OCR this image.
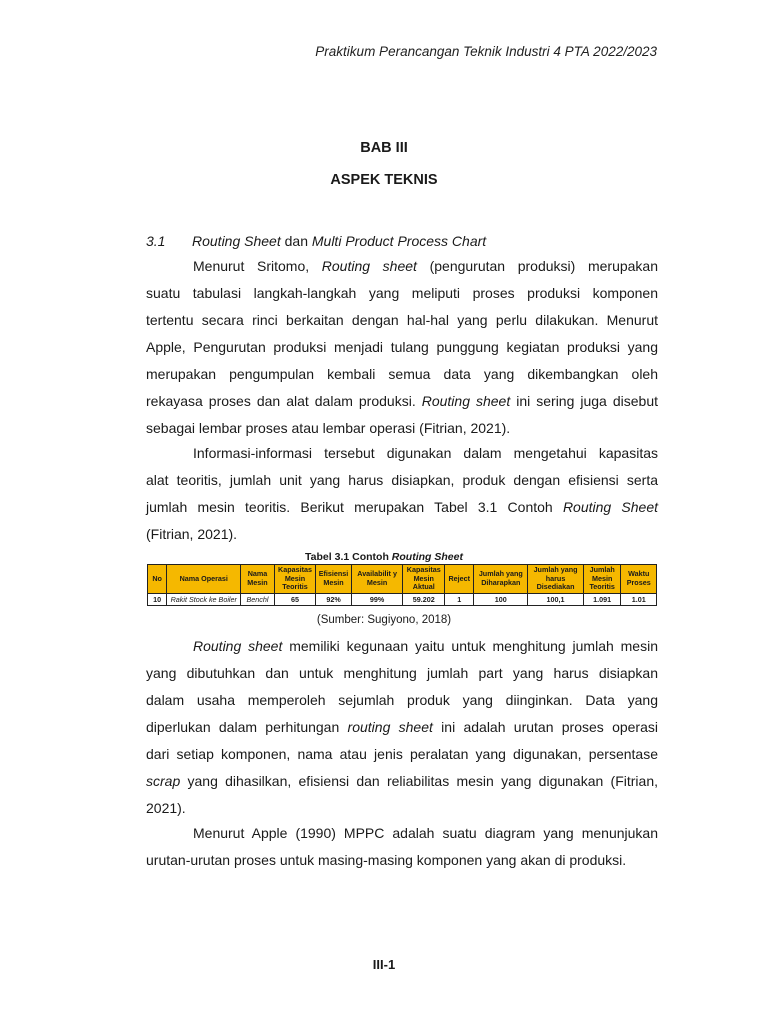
Praktikum Perancangan Teknik Industri 4 PTA 2022/2023
BAB III
ASPEK TEKNIS
3.1 Routing Sheet dan Multi Product Process Chart
Menurut Sritomo, Routing sheet (pengurutan produksi) merupakan
suatu tabulasi langkah-langkah yang meliputi proses produksi komponen
tertentu secara rinci berkaitan dengan hal-hal yang perlu dilakukan. Menurut
Apple, Pengurutan produksi menjadi tulang punggung kegiatan produksi yang
merupakan pengumpulan kembali semua data yang dikembangkan oleh
rekayasa proses dan alat dalam produksi. Routing sheet ini sering juga disebut
sebagai lembar proses atau lembar operasi (Fitrian, 2021).
Informasi-informasi tersebut digunakan dalam mengetahui kapasitas
alat teoritis, jumlah unit yang harus disiapkan, produk dengan efisiensi serta
jumlah mesin teoritis. Berikut merupakan Tabel 3.1 Contoh Routing Sheet
(Fitrian, 2021).
Tabel 3.1 Contoh Routing Sheet
No	Nama Operasi	Nama Mesin	Kapasitas Mesin Teoritis	Efisiensi Mesin	Availabilit y Mesin	Kapasitas Mesin Aktual	Reject	Jumlah yang Diharapkan	Jumlah yang harus Disediakan	Jumlah Mesin Teoritis	Waktu Proses
10	Rakit Stock ke Boiler	Benchl	65	92%	99%	59.202	1	100	100,1	1.091	1.01
(Sumber: Sugiyono, 2018)
Routing sheet memiliki kegunaan yaitu untuk menghitung jumlah mesin
yang dibutuhkan dan untuk menghitung jumlah part yang harus disiapkan
dalam usaha memperoleh sejumlah produk yang diinginkan. Data yang
diperlukan dalam perhitungan routing sheet ini adalah urutan proses operasi
dari setiap komponen, nama atau jenis peralatan yang digunakan, persentase
scrap yang dihasilkan, efisiensi dan reliabilitas mesin yang digunakan (Fitrian,
2021).
Menurut Apple (1990) MPPC adalah suatu diagram yang menunjukan
urutan-urutan proses untuk masing-masing komponen yang akan di produksi.
III-1
